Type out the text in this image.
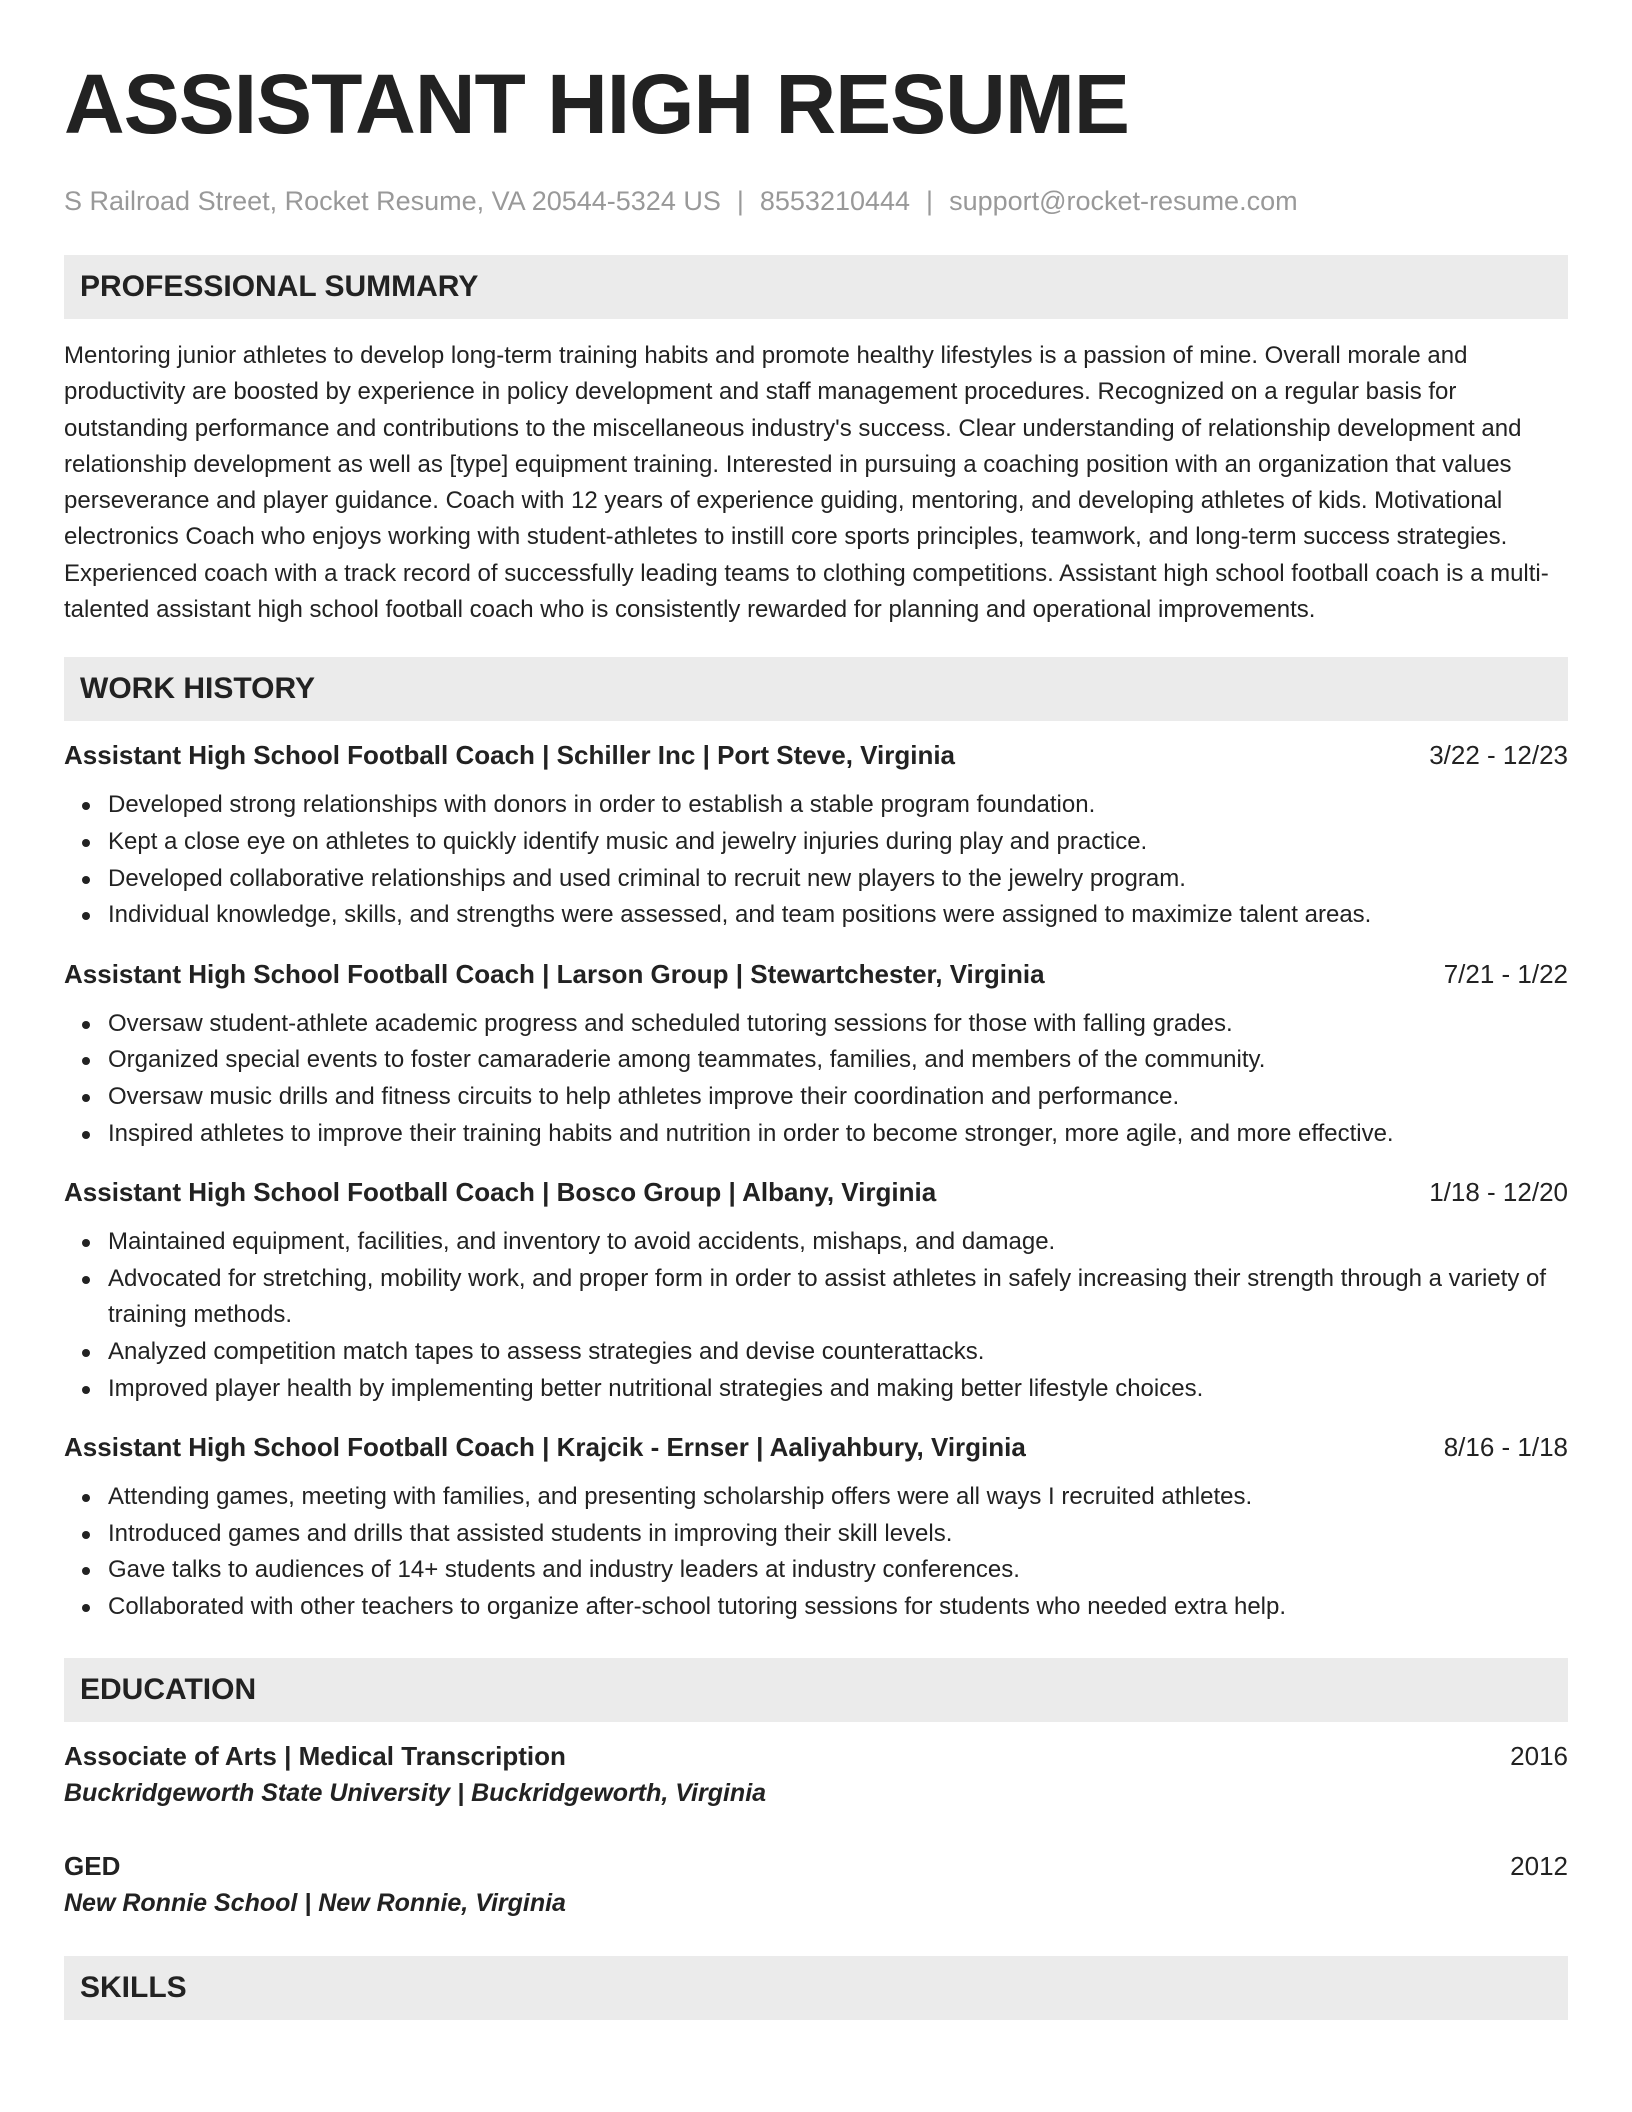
ASSISTANT HIGH RESUME
S Railroad Street, Rocket Resume, VA 20544-5324 US | 8553210444 | support@rocket-resume.com
PROFESSIONAL SUMMARY

Mentoring junior athletes to develop long-term training habits and promote healthy lifestyles is a passion of mine. Overall morale and productivity are boosted by experience in policy development and staff management procedures. Recognized on a regular basis for outstanding performance and contributions to the miscellaneous industry's success. Clear understanding of relationship development and relationship development as well as [type] equipment training. Interested in pursuing a coaching position with an organization that values perseverance and player guidance. Coach with 12 years of experience guiding, mentoring, and developing athletes of kids. Motivational electronics Coach who enjoys working with student-athletes to instill core sports principles, teamwork, and long-term success strategies. Experienced coach with a track record of successfully leading teams to clothing competitions. Assistant high school football coach is a multi-talented assistant high school football coach who is consistently rewarded for planning and operational improvements.

WORK HISTORY
Assistant High School Football Coach | Schiller Inc | Port Steve, Virginia	3/22 - 12/23
Developed strong relationships with donors in order to establish a stable program foundation.
Kept a close eye on athletes to quickly identify music and jewelry injuries during play and practice.
Developed collaborative relationships and used criminal to recruit new players to the jewelry program.
Individual knowledge, skills, and strengths were assessed, and team positions were assigned to maximize talent areas.
Assistant High School Football Coach | Larson Group | Stewartchester, Virginia	7/21 - 1/22
Oversaw student-athlete academic progress and scheduled tutoring sessions for those with falling grades.
Organized special events to foster camaraderie among teammates, families, and members of the community.
Oversaw music drills and fitness circuits to help athletes improve their coordination and performance.
Inspired athletes to improve their training habits and nutrition in order to become stronger, more agile, and more effective.
Assistant High School Football Coach | Bosco Group | Albany, Virginia	1/18 - 12/20
Maintained equipment, facilities, and inventory to avoid accidents, mishaps, and damage.
Advocated for stretching, mobility work, and proper form in order to assist athletes in safely increasing their strength through a variety of training methods.
Analyzed competition match tapes to assess strategies and devise counterattacks.
Improved player health by implementing better nutritional strategies and making better lifestyle choices.
Assistant High School Football Coach | Krajcik - Ernser | Aaliyahbury, Virginia	8/16 - 1/18
Attending games, meeting with families, and presenting scholarship offers were all ways I recruited athletes.
Introduced games and drills that assisted students in improving their skill levels.
Gave talks to audiences of 14+ students and industry leaders at industry conferences.
Collaborated with other teachers to organize after-school tutoring sessions for students who needed extra help.
EDUCATION
Associate of Arts | Medical Transcription	2016
Buckridgeworth State University | Buckridgeworth, Virginia
GED	2012
New Ronnie School | New Ronnie, Virginia
SKILLS
